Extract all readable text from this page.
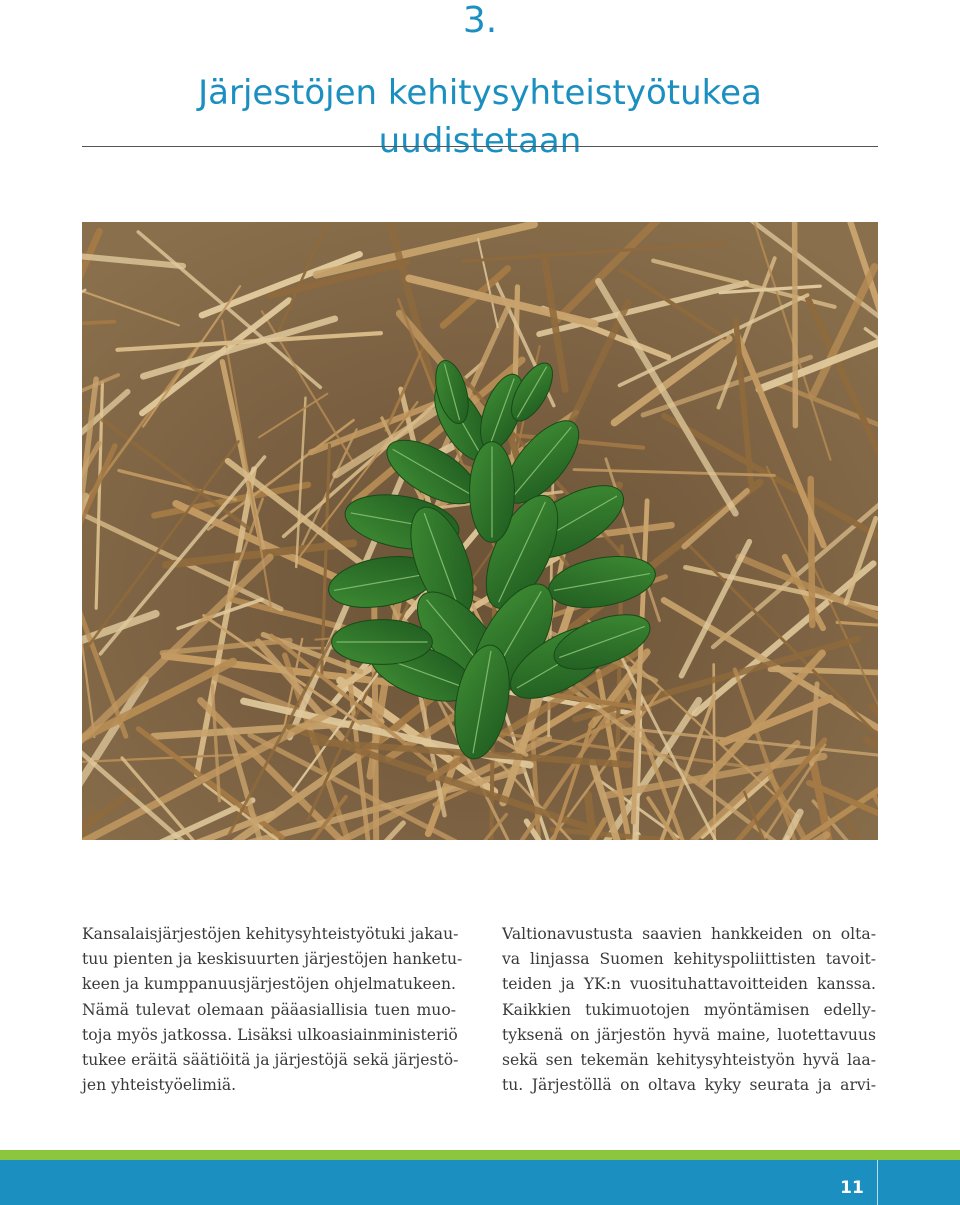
3.
Järjestöjen kehitysyhteistyötukea
uudistetaan

Kansalaisjärjestöjen kehitysyhteistyötuki jakau-
tuu pienten ja keskisuurten järjestöjen hanketu-
keen ja kumppanuusjärjestöjen ohjelmatukeen.
Nämä tulevat olemaan pääasiallisia tuen muo-
toja myös jatkossa. Lisäksi ulkoasiainministeriö
tukee eräitä säätiöitä ja järjestöjä sekä järjestö-
jen yhteistyöelimiä.

Valtionavustusta saavien hankkeiden on olta-
va linjassa Suomen kehityspoliittisten tavoit-
teiden ja YK:n vuosituhattavoitteiden kanssa.
Kaikkien tukimuotojen myöntämisen edelly-
tyksenä on järjestön hyvä maine, luotettavuus
sekä sen tekemän kehitysyhteistyön hyvä laa-
tu. Järjestöllä on oltava kyky seurata ja arvi-

11
